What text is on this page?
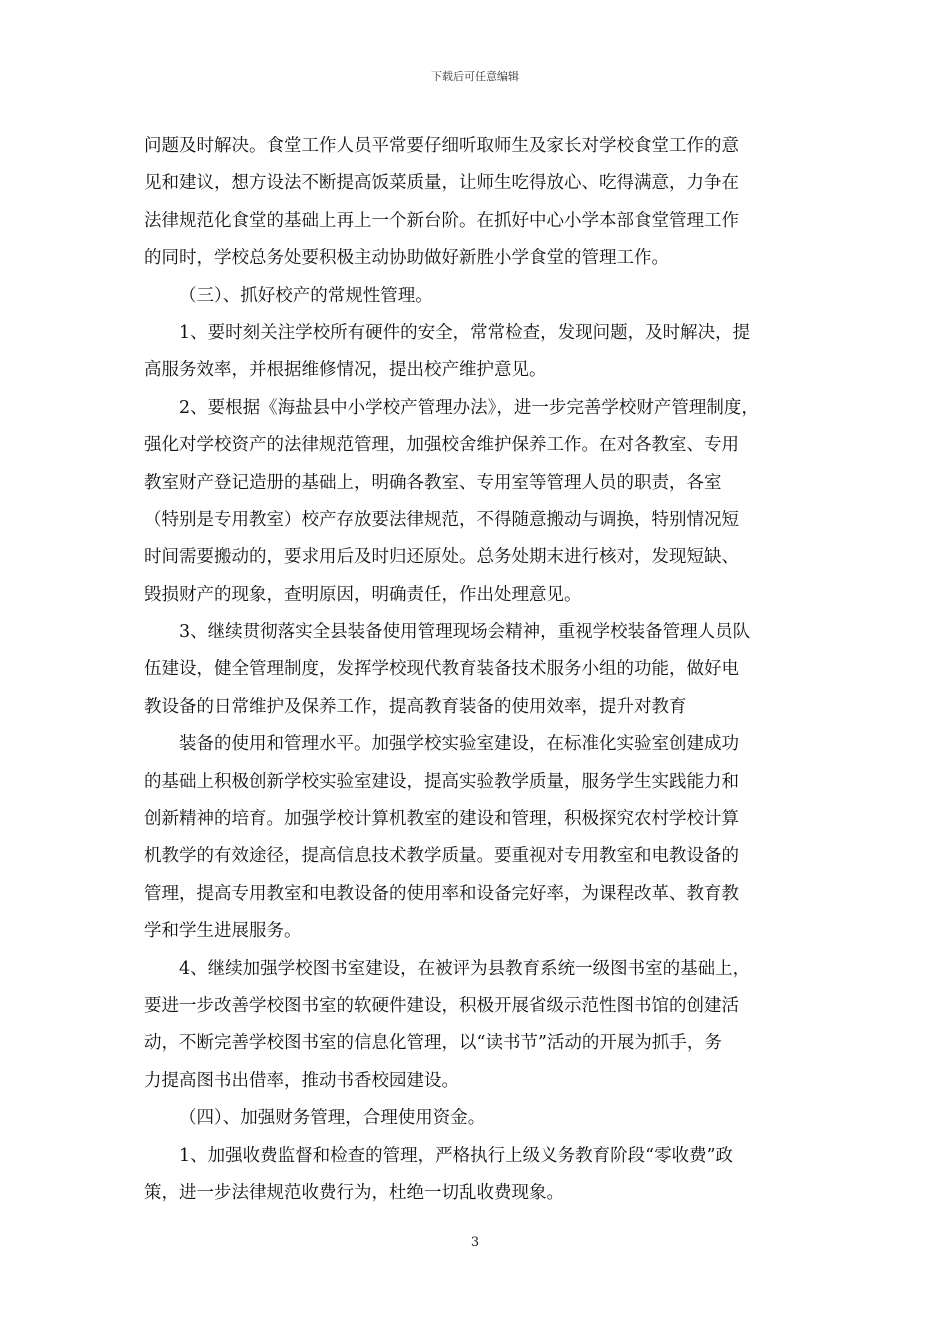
下载后可任意编辑
问题及时解决。食堂工作人员平常要仔细听取师生及家长对学校食堂工作的意
见和建议，想方设法不断提高饭菜质量，让师生吃得放心、吃得满意，力争在
法律规范化食堂的基础上再上一个新台阶。在抓好中心小学本部食堂管理工作
的同时，学校总务处要积极主动协助做好新胜小学食堂的管理工作。
（三）、抓好校产的常规性管理。
1、要时刻关注学校所有硬件的安全，常常检查，发现问题，及时解决，提
高服务效率，并根据维修情况，提出校产维护意见。
2、要根据《海盐县中小学校产管理办法》，进一步完善学校财产管理制度，
强化对学校资产的法律规范管理，加强校舍维护保养工作。在对各教室、专用
教室财产登记造册的基础上，明确各教室、专用室等管理人员的职责，各室
（特别是专用教室）校产存放要法律规范，不得随意搬动与调换，特别情况短
时间需要搬动的，要求用后及时归还原处。总务处期末进行核对，发现短缺、
毁损财产的现象，查明原因，明确责任，作出处理意见。
3、继续贯彻落实全县装备使用管理现场会精神，重视学校装备管理人员队
伍建设，健全管理制度，发挥学校现代教育装备技术服务小组的功能，做好电
教设备的日常维护及保养工作，提高教育装备的使用效率，提升对教育
装备的使用和管理水平。加强学校实验室建设，在标准化实验室创建成功
的基础上积极创新学校实验室建设，提高实验教学质量，服务学生实践能力和
创新精神的培育。加强学校计算机教室的建设和管理，积极探究农村学校计算
机教学的有效途径，提高信息技术教学质量。要重视对专用教室和电教设备的
管理，提高专用教室和电教设备的使用率和设备完好率，为课程改革、教育教
学和学生进展服务。
4、继续加强学校图书室建设，在被评为县教育系统一级图书室的基础上，
要进一步改善学校图书室的软硬件建设，积极开展省级示范性图书馆的创建活
动，不断完善学校图书室的信息化管理，以“读书节”活动的开展为抓手，务
力提高图书出借率，推动书香校园建设。
（四）、加强财务管理，合理使用资金。
1、加强收费监督和检查的管理，严格执行上级义务教育阶段“零收费”政
策，进一步法律规范收费行为，杜绝一切乱收费现象。
3
